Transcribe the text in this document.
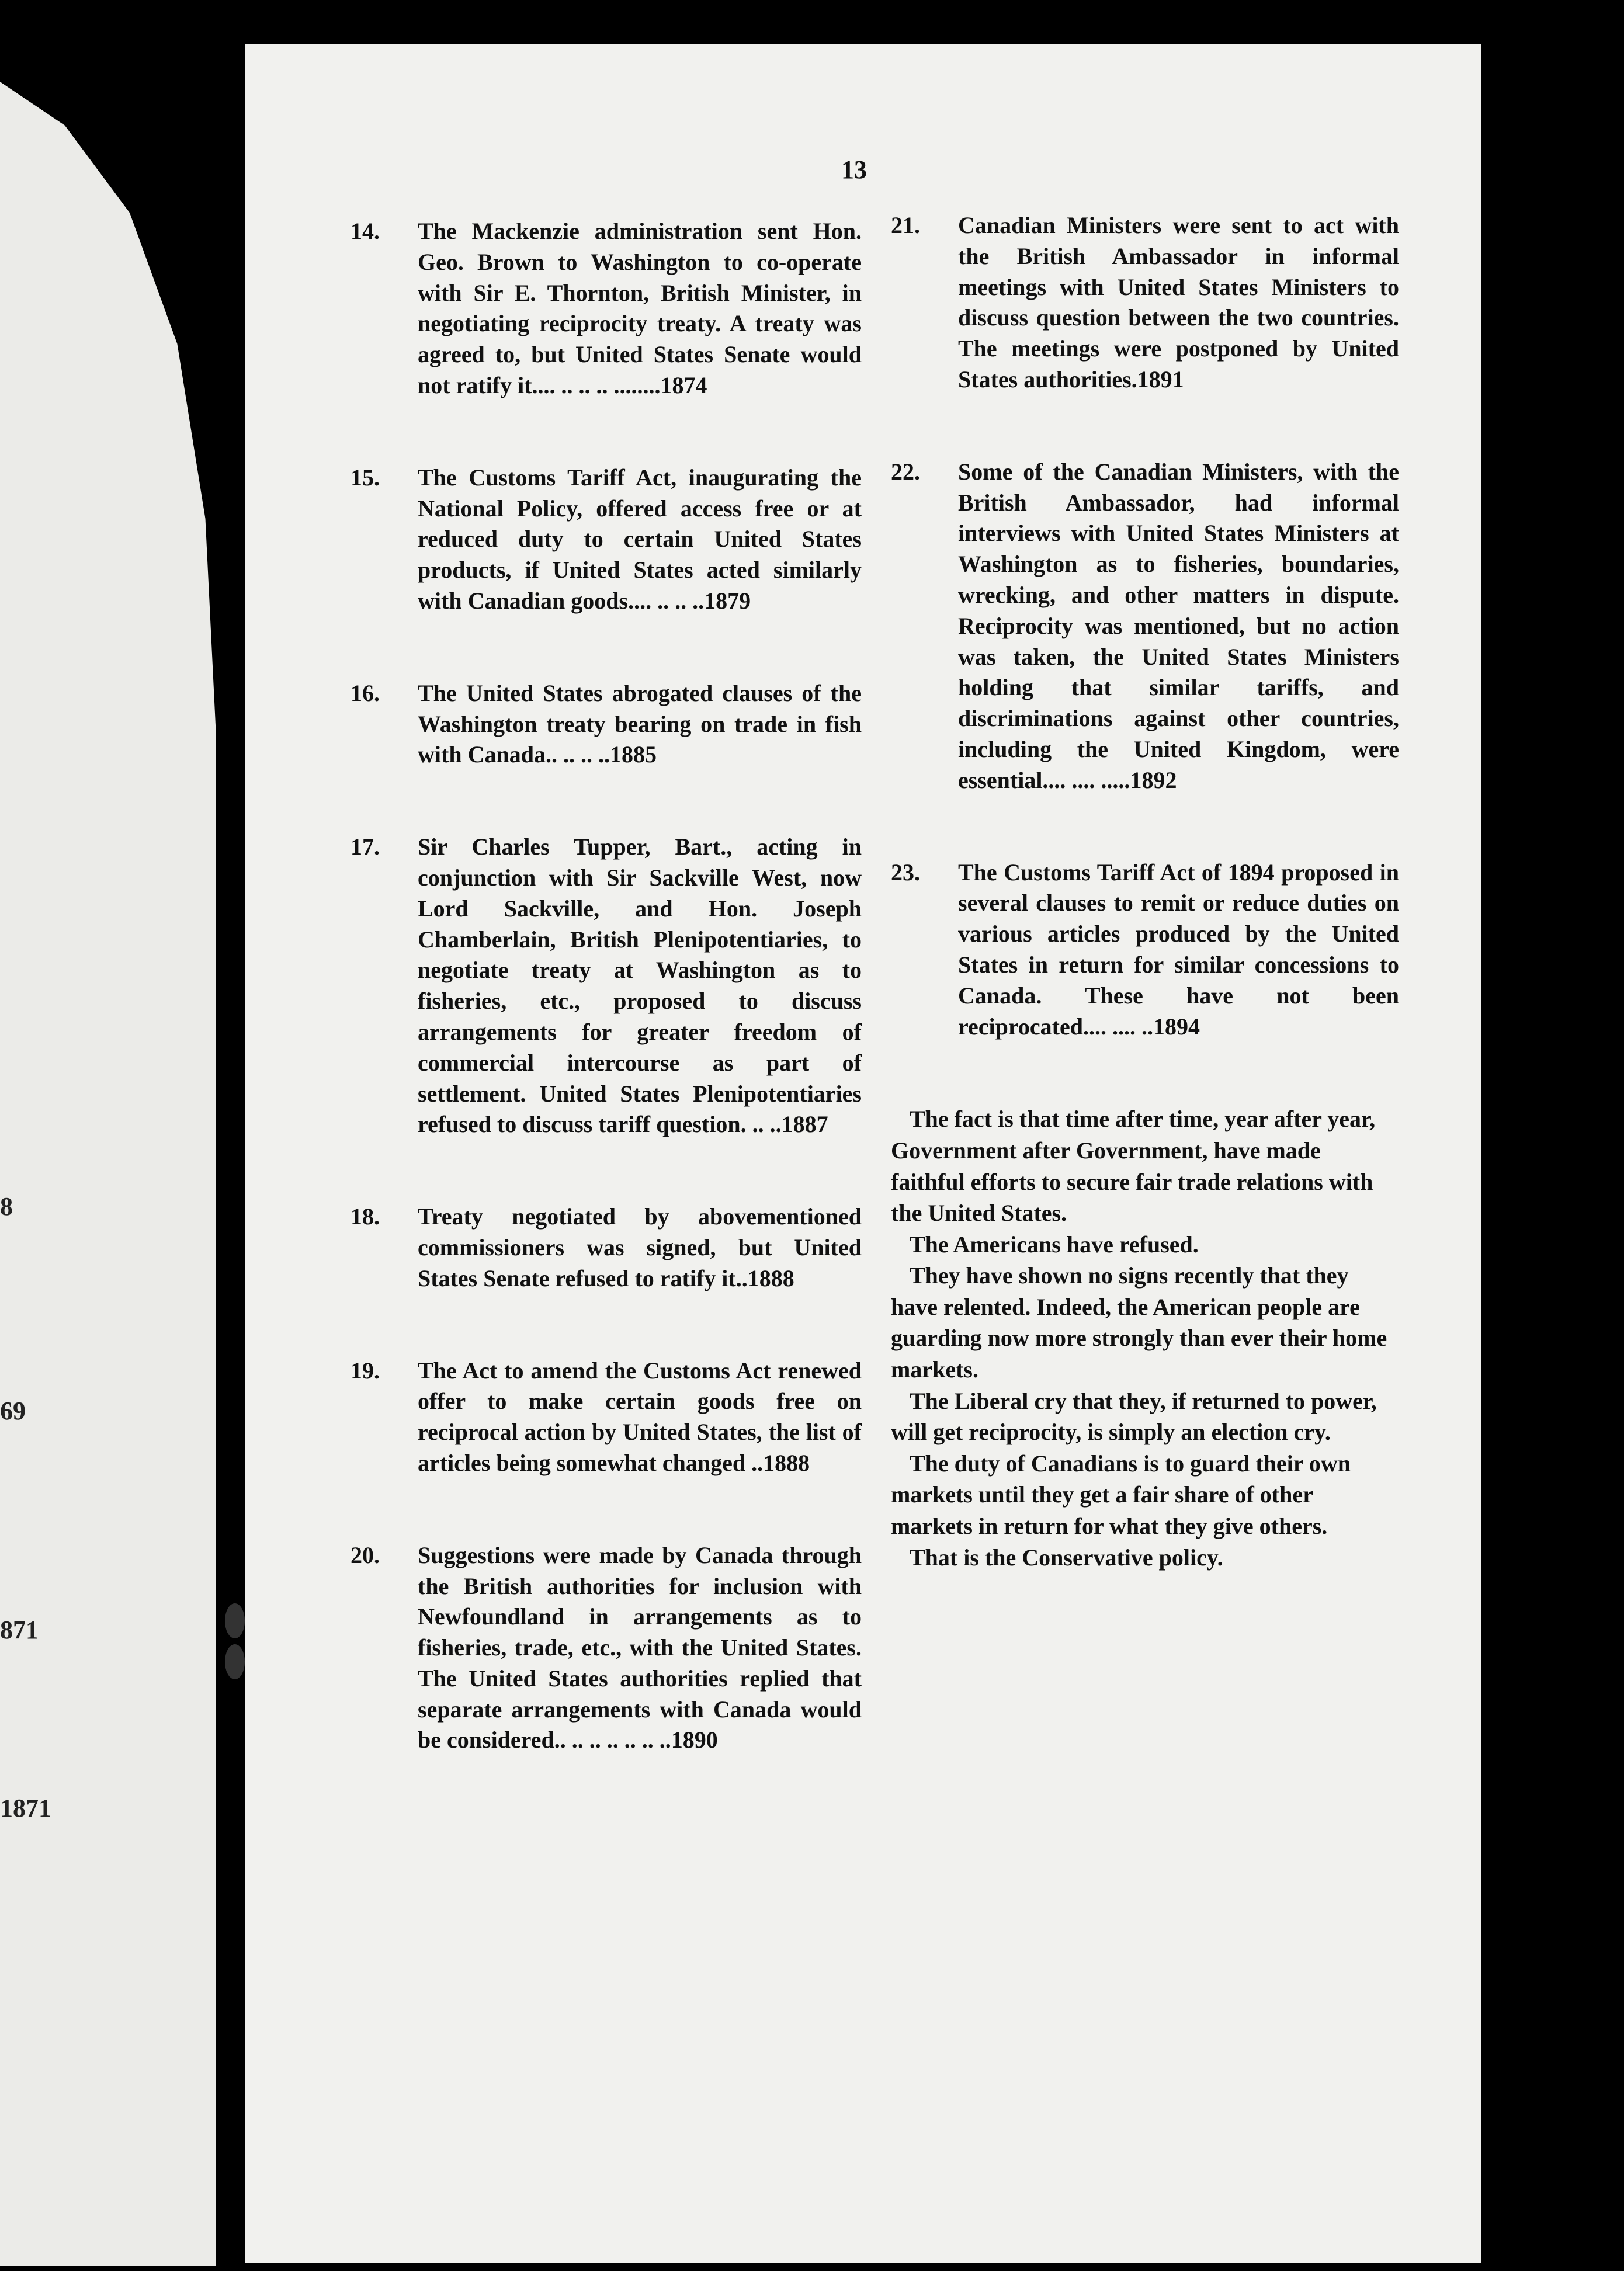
8
69
871
1871
13
14. The Mackenzie administration sent Hon. Geo. Brown to Washington to co-operate with Sir E. Thornton, British Minister, in negotiating reciprocity treaty. A treaty was agreed to, but United States Senate would not ratify it.... .. .. .. ........1874
15. The Customs Tariff Act, inaugurating the National Policy, offered access free or at reduced duty to certain United States products, if United States acted similarly with Canadian goods.... .. .. ..1879
16. The United States abrogated clauses of the Washington treaty bearing on trade in fish with Canada.. .. .. ..1885
17. Sir Charles Tupper, Bart., acting in conjunction with Sir Sackville West, now Lord Sackville, and Hon. Joseph Chamberlain, British Plenipotentiaries, to negotiate treaty at Washington as to fisheries, etc., proposed to discuss arrangements for greater freedom of commercial intercourse as part of settlement. United States Plenipotentiaries refused to discuss tariff question. .. ..1887
18. Treaty negotiated by abovementioned commissioners was signed, but United States Senate refused to ratify it..1888
19. The Act to amend the Customs Act renewed offer to make certain goods free on reciprocal action by United States, the list of articles being somewhat changed ..1888
20. Suggestions were made by Canada through the British authorities for inclusion with Newfoundland in arrangements as to fisheries, trade, etc., with the United States. The United States authorities replied that separate arrangements with Canada would be considered.. .. .. .. .. .. ..1890
21. Canadian Ministers were sent to act with the British Ambassador in informal meetings with United States Ministers to discuss question between the two countries. The meetings were postponed by United States authorities.1891
22. Some of the Canadian Ministers, with the British Ambassador, had informal interviews with United States Ministers at Washington as to fisheries, boundaries, wrecking, and other matters in dispute. Reciprocity was mentioned, but no action was taken, the United States Ministers holding that similar tariffs, and discriminations against other countries, including the United Kingdom, were essential.... .... .....1892
23. The Customs Tariff Act of 1894 proposed in several clauses to remit or reduce duties on various articles produced by the United States in return for similar concessions to Canada. These have not been reciprocated.... .... ..1894

The fact is that time after time, year after year, Government after Government, have made faithful efforts to secure fair trade relations with the United States.

The Americans have refused.

They have shown no signs recently that they have relented. Indeed, the American people are guarding now more strongly than ever their home markets.

The Liberal cry that they, if returned to power, will get reciprocity, is simply an election cry.

The duty of Canadians is to guard their own markets until they get a fair share of other markets in return for what they give others.

That is the Conservative policy.
